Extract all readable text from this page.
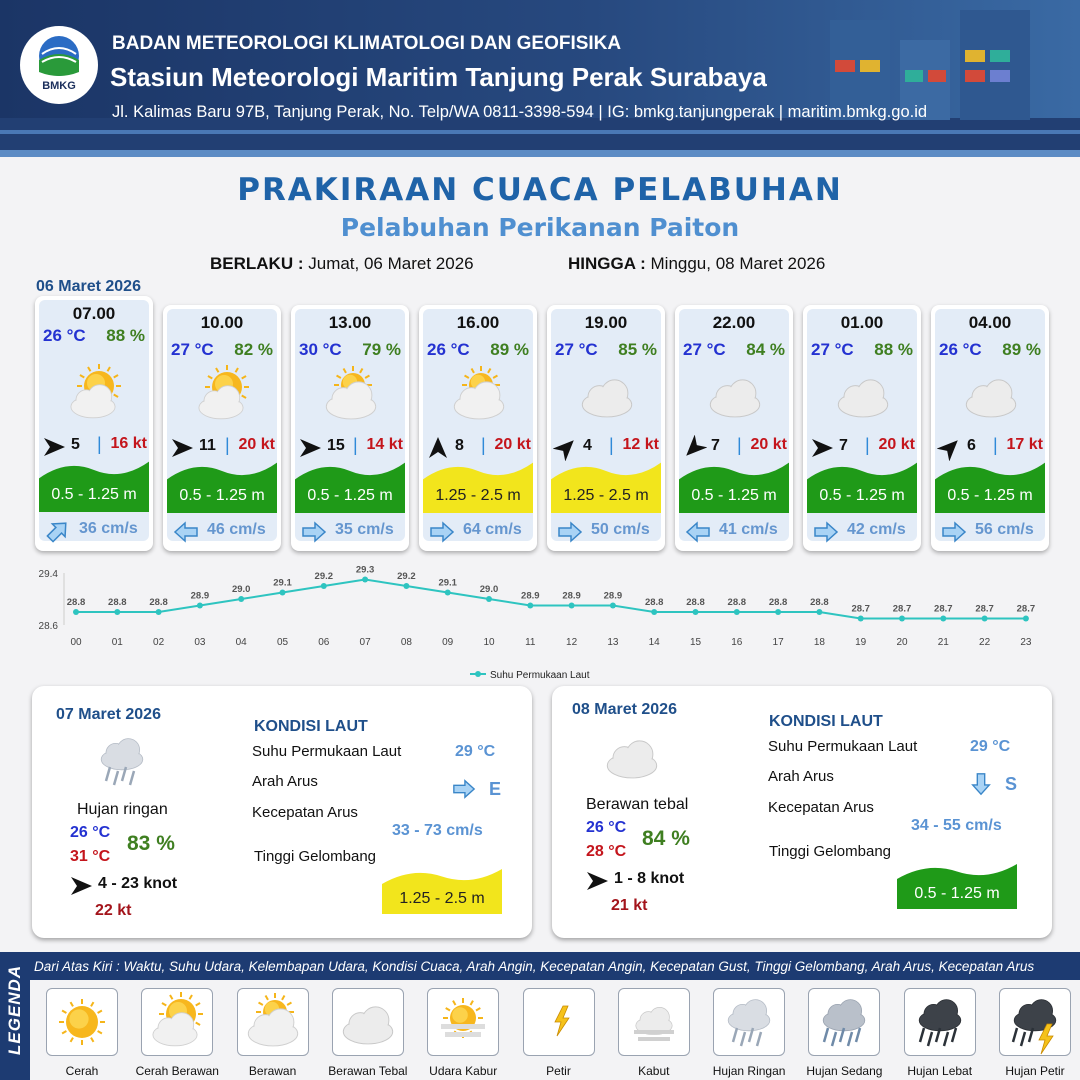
BMKG
BADAN METEOROLOGI KLIMATOLOGI DAN GEOFISIKA
Stasiun Meteorologi Maritim Tanjung Perak Surabaya
Jl. Kalimas Baru 97B, Tanjung Perak, No. Telp/WA 0811-3398-594 | IG: bmkg.tanjungperak | maritim.bmkg.go.id
PRAKIRAAN CUACA PELABUHAN
Pelabuhan Perikanan Paiton
BERLAKU : Jumat, 06 Maret 2026	HINGGA : Minggu, 08 Maret 2026
06 Maret 2026
07.00
26 °C 88 %
5 | 16 kt
0.5 - 1.25 m
36 cm/s
10.00
27 °C 82 %
11 | 20 kt
0.5 - 1.25 m
46 cm/s
13.00
30 °C 79 %
15 | 14 kt
0.5 - 1.25 m
35 cm/s
16.00
26 °C 89 %
8 | 20 kt
1.25 - 2.5 m
64 cm/s
19.00
27 °C 85 %
4 | 12 kt
1.25 - 2.5 m
50 cm/s
22.00
27 °C 84 %
7 | 20 kt
0.5 - 1.25 m
41 cm/s
01.00
27 °C 88 %
7 | 20 kt
0.5 - 1.25 m
42 cm/s
04.00
26 °C 89 %
6 | 17 kt
0.5 - 1.25 m
56 cm/s
29.4
28.6
28.8
00
28.8
01
28.8
02
28.9
03
29.0
04
29.1
05
29.2
06
29.3
07
29.2
08
29.1
09
29.0
10
28.9
11
28.9
12
28.9
13
28.8
14
28.8
15
28.8
16
28.8
17
28.8
18
28.7
19
28.7
20
28.7
21
28.7
22
28.7
23
Suhu Permukaan Laut
07 Maret 2026
Hujan ringan
26 °C
31 °C
83 %
4 - 23 knot
22 kt
KONDISI LAUT
Suhu Permukaan Laut	29 °C
Arah Arus	E
Kecepatan Arus
33 - 73 cm/s
Tinggi Gelombang
1.25 - 2.5 m
08 Maret 2026
Berawan tebal
26 °C
28 °C
84 %
1 - 8 knot
21 kt
KONDISI LAUT
Suhu Permukaan Laut	29 °C
Arah Arus	S
Kecepatan Arus
34 - 55 cm/s
Tinggi Gelombang
0.5 - 1.25 m
LEGENDA Dari Atas Kiri : Waktu, Suhu Udara, Kelembapan Udara, Kondisi Cuaca, Arah Angin, Kecepatan Angin, Kecepatan Gust, Tinggi Gelombang, Arah Arus, Kecepatan Arus
Cerah	Cerah Berawan	Berawan	Berawan Tebal	Udara Kabur	Petir	Kabut	Hujan Ringan	Hujan Sedang	Hujan Lebat	Hujan Petir
